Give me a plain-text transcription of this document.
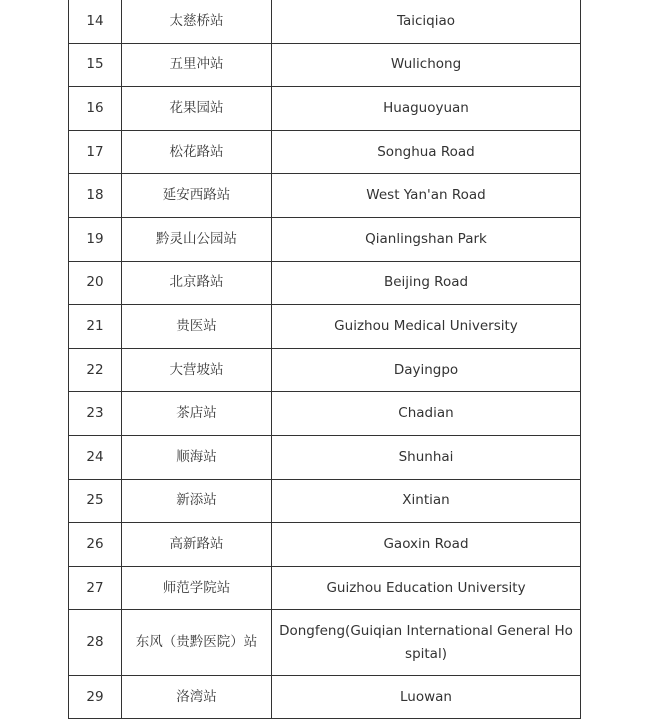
14	太慈桥站	Taiciqiao
15	五里冲站	Wulichong
16	花果园站	Huaguoyuan
17	松花路站	Songhua Road
18	延安西路站	West Yan'an Road
19	黔灵山公园站	Qianlingshan Park
20	北京路站	Beijing Road
21	贵医站	Guizhou Medical University
22	大营坡站	Dayingpo
23	茶店站	Chadian
24	顺海站	Shunhai
25	新添站	Xintian
26	高新路站	Gaoxin Road
27	师范学院站	Guizhou Education University
28	东风（贵黔医院）站	Dongfeng(Guiqian International General Hospital)
29	洛湾站	Luowan
